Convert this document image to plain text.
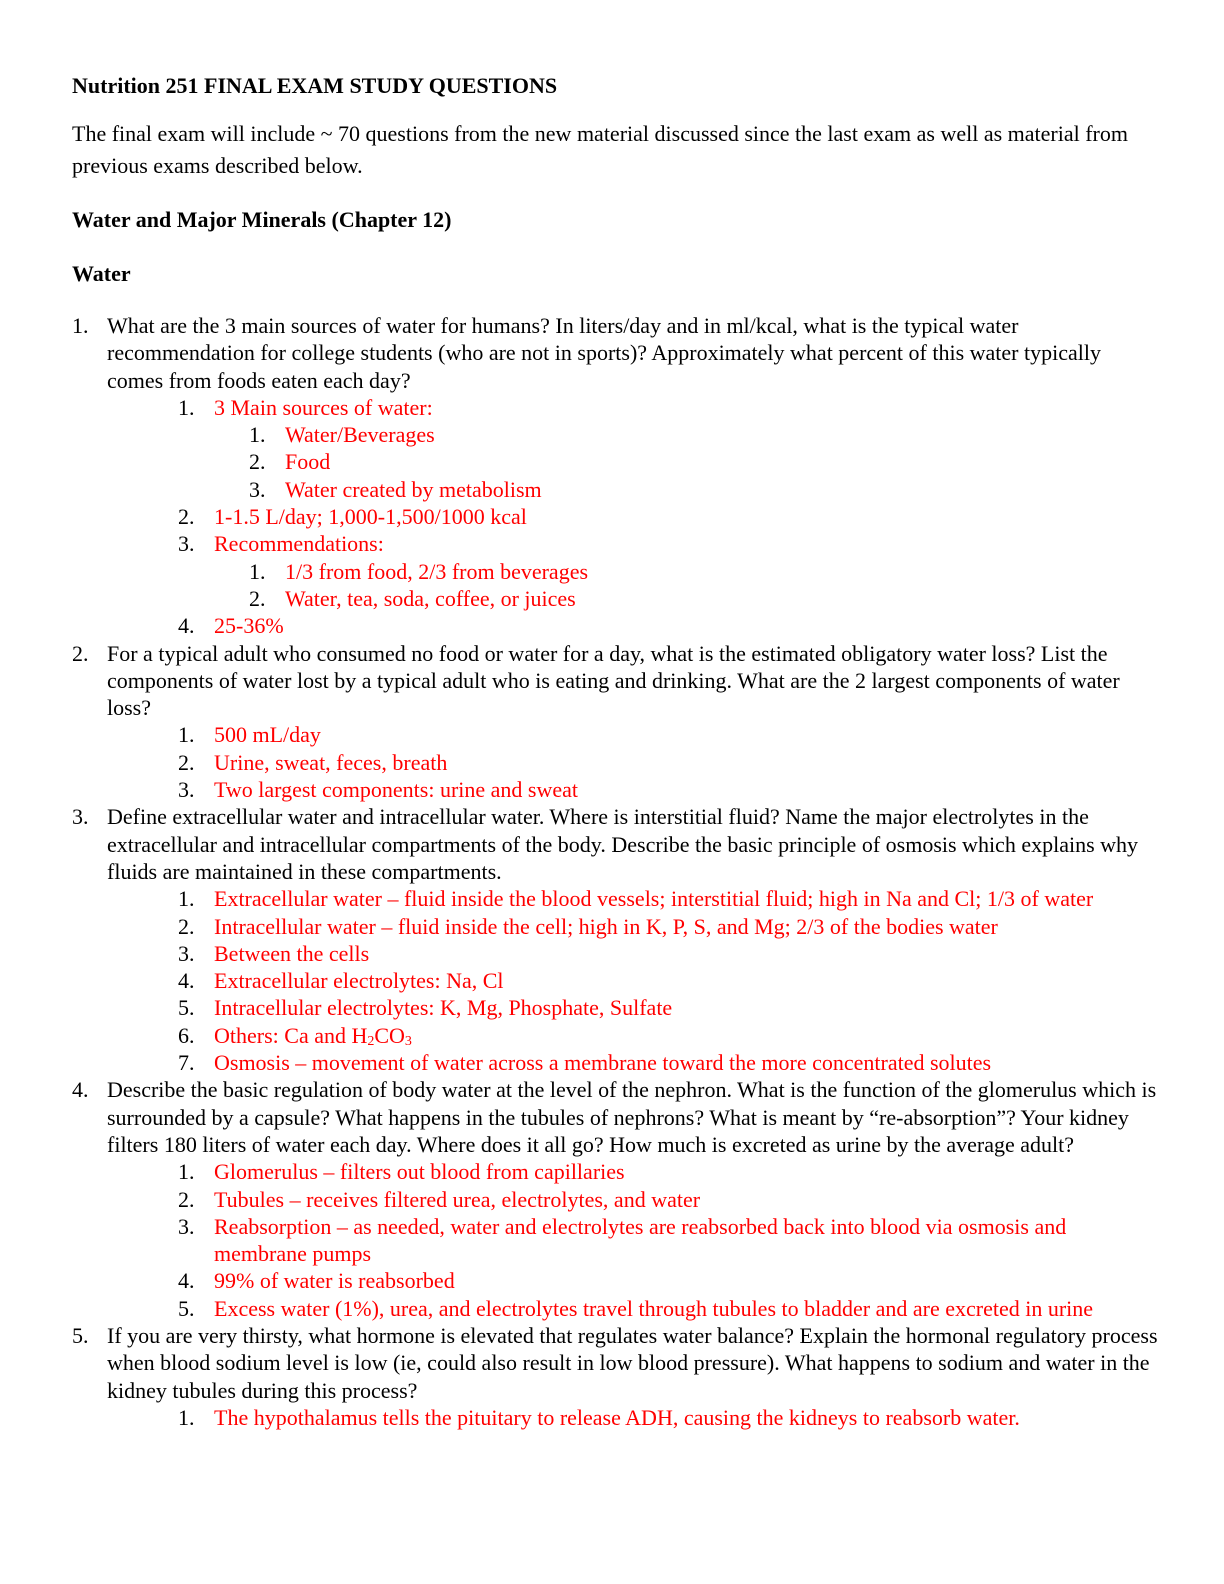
Nutrition 251 FINAL EXAM STUDY QUESTIONS

The final exam will include ~ 70 questions from the new material discussed since the last exam as well as material from previous exams described below.

Water and Major Minerals (Chapter 12)
Water
1. What are the 3 main sources of water for humans? In liters/day and in ml/kcal, what is the typical water recommendation for college students (who are not in sports)? Approximately what percent of this water typically comes from foods eaten each day?
1. 3 Main sources of water:
1. Water/Beverages
2. Food
3. Water created by metabolism
2. 1-1.5 L/day; 1,000-1,500/1000 kcal
3. Recommendations:
1. 1/3 from food, 2/3 from beverages
2. Water, tea, soda, coffee, or juices
4. 25-36%
2. For a typical adult who consumed no food or water for a day, what is the estimated obligatory water loss? List the components of water lost by a typical adult who is eating and drinking. What are the 2 largest components of water loss?
1. 500 mL/day
2. Urine, sweat, feces, breath
3. Two largest components: urine and sweat
3. Define extracellular water and intracellular water. Where is interstitial fluid? Name the major electrolytes in the extracellular and intracellular compartments of the body. Describe the basic principle of osmosis which explains why fluids are maintained in these compartments.
1. Extracellular water – fluid inside the blood vessels; interstitial fluid; high in Na and Cl; 1/3 of water
2. Intracellular water – fluid inside the cell; high in K, P, S, and Mg; 2/3 of the bodies water
3. Between the cells
4. Extracellular electrolytes: Na, Cl
5. Intracellular electrolytes: K, Mg, Phosphate, Sulfate
6. Others: Ca and $H_2CO_3$
7. Osmosis – movement of water across a membrane toward the more concentrated solutes
4. Describe the basic regulation of body water at the level of the nephron. What is the function of the glomerulus which is surrounded by a capsule? What happens in the tubules of nephrons? What is meant by “re-absorption”? Your kidney filters 180 liters of water each day. Where does it all go? How much is excreted as urine by the average adult?
1. Glomerulus – filters out blood from capillaries
2. Tubules – receives filtered urea, electrolytes, and water
3. Reabsorption – as needed, water and electrolytes are reabsorbed back into blood via osmosis and membrane pumps
4. 99% of water is reabsorbed
5. Excess water (1%), urea, and electrolytes travel through tubules to bladder and are excreted in urine
5. If you are very thirsty, what hormone is elevated that regulates water balance? Explain the hormonal regulatory process when blood sodium level is low (ie, could also result in low blood pressure). What happens to sodium and water in the kidney tubules during this process?
1. The hypothalamus tells the pituitary to release ADH, causing the kidneys to reabsorb water.
